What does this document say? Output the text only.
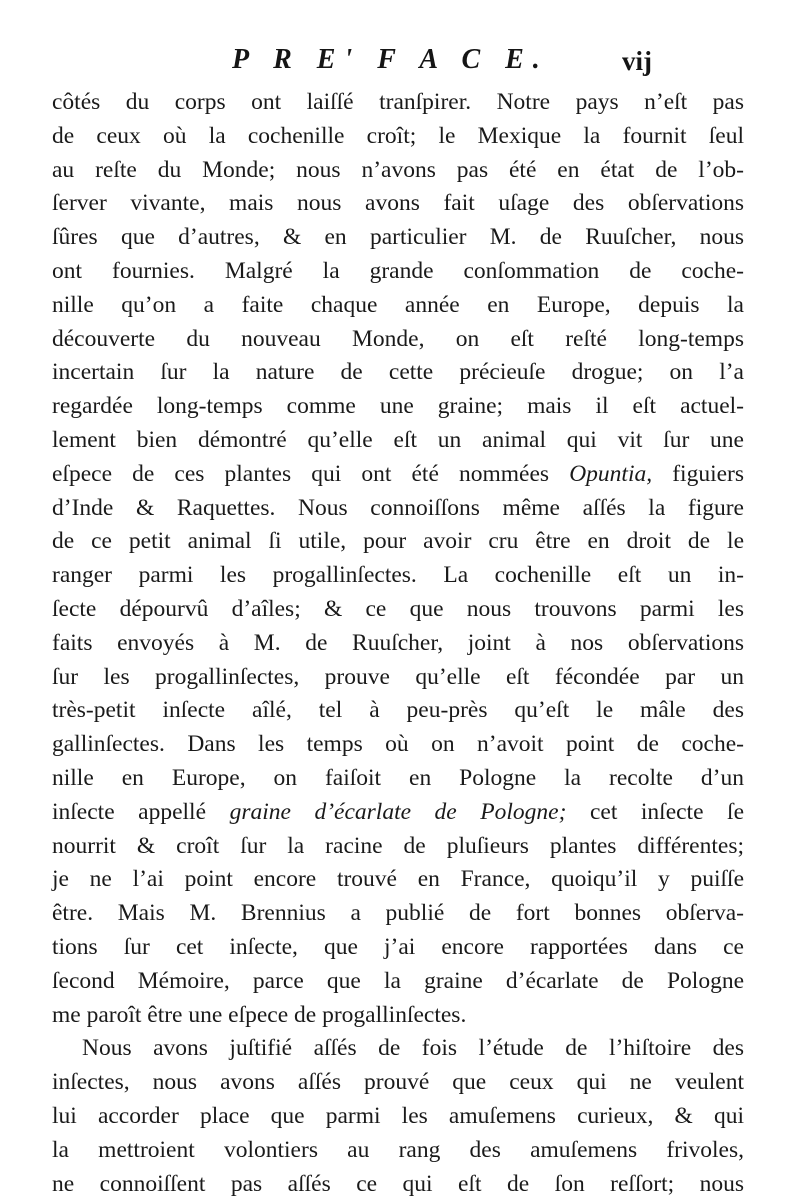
P R E' F A C E.	vij
côtés du corps ont laiſſé tranſpirer. Notre pays n’eſt pas
de ceux où la cochenille croît; le Mexique la fournit ſeul
au reſte du Monde; nous n’avons pas été en état de l’ob-
ſerver vivante, mais nous avons fait uſage des obſervations
ſûres que d’autres, & en particulier M. de Ruuſcher, nous
ont fournies. Malgré la grande conſommation de coche-
nille qu’on a faite chaque année en Europe, depuis la
découverte du nouveau Monde, on eſt reſté long-temps
incertain ſur la nature de cette précieuſe drogue; on l’a
regardée long-temps comme une graine; mais il eſt actuel-
lement bien démontré qu’elle eſt un animal qui vit ſur une
eſpece de ces plantes qui ont été nommées Opuntia, figuiers
d’Inde & Raquettes. Nous connoiſſons même aſſés la figure
de ce petit animal ſi utile, pour avoir cru être en droit de le
ranger parmi les progallinſectes. La cochenille eſt un in-
ſecte dépourvû d’aîles; & ce que nous trouvons parmi les
faits envoyés à M. de Ruuſcher, joint à nos obſervations
ſur les progallinſectes, prouve qu’elle eſt fécondée par un
très-petit inſecte aîlé, tel à peu-près qu’eſt le mâle des
gallinſectes. Dans les temps où on n’avoit point de coche-
nille en Europe, on faiſoit en Pologne la recolte d’un
inſecte appellé graine d’écarlate de Pologne; cet inſecte ſe
nourrit & croît ſur la racine de pluſieurs plantes différentes;
je ne l’ai point encore trouvé en France, quoiqu’il y puiſſe
être. Mais M. Brennius a publié de fort bonnes obſerva-
tions ſur cet inſecte, que j’ai encore rapportées dans ce
ſecond Mémoire, parce que la graine d’écarlate de Pologne
me paroît être une eſpece de progallinſectes.
Nous avons juſtifié aſſés de fois l’étude de l’hiſtoire des
inſectes, nous avons aſſés prouvé que ceux qui ne veulent
lui accorder place que parmi les amuſemens curieux, & qui
la mettroient volontiers au rang des amuſemens frivoles,
ne connoiſſent pas aſſés ce qui eſt de ſon reſſort; nous
